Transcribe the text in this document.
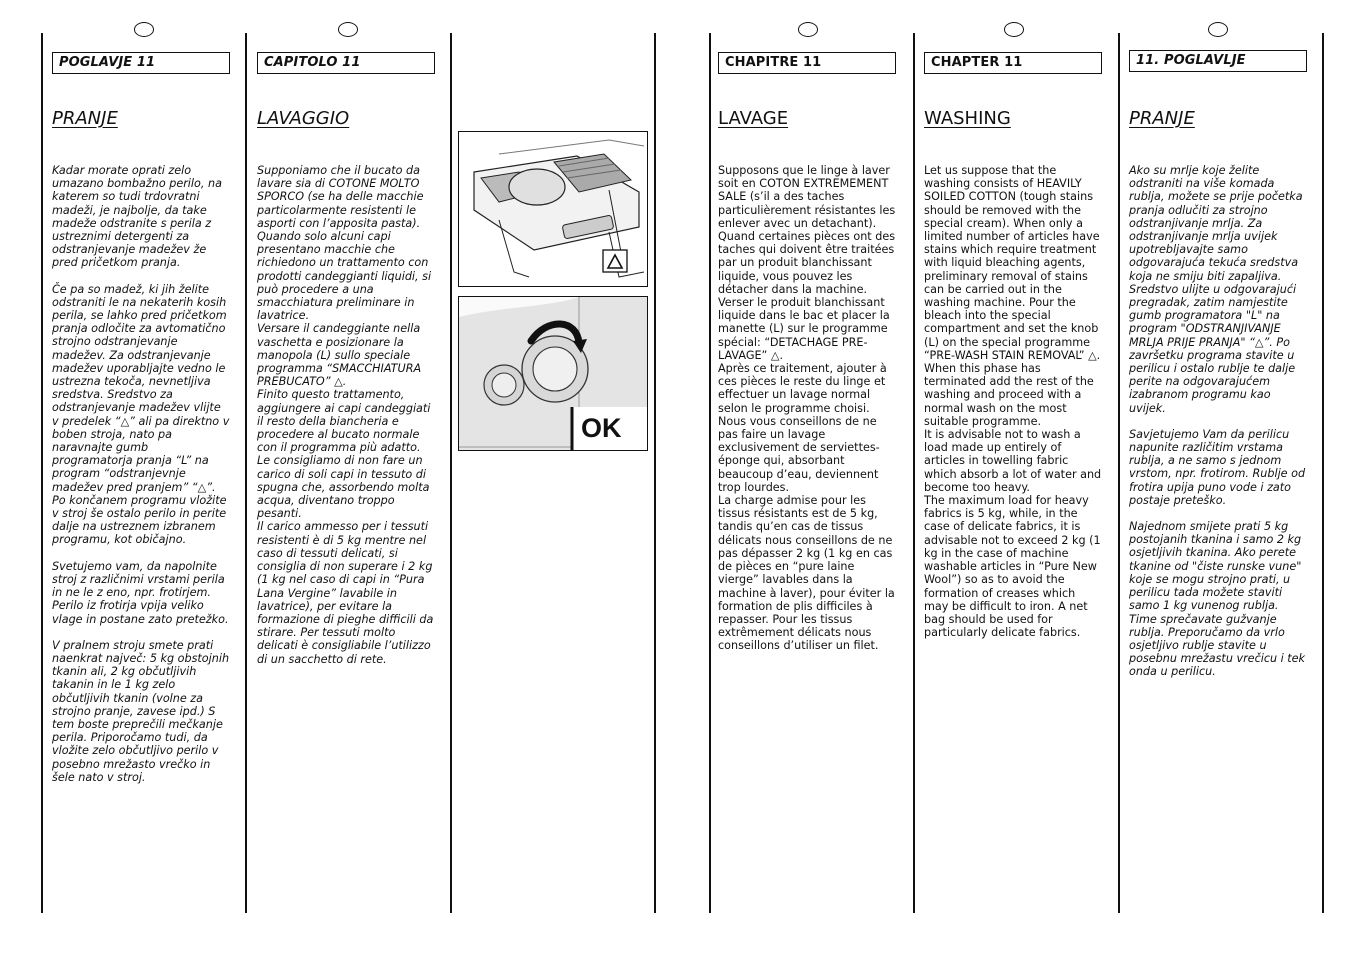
POGLAVJE 11
PRANJE

Kadar morate oprati zelo umazano bombažno perilo, na katerem so tudi trdovratni madeži, je najbolje, da take madeže odstranite s perila z ustreznimi detergenti za odstranjevanje madežev že pred pričetkom pranja.

Če pa so madež, ki jih želite odstraniti le na nekaterih kosih perila, se lahko pred pričetkom pranja odločite za avtomatično strojno odstranjevanje madežev. Za odstranjevanje madežev uporabljajte vedno le ustrezna tekoča, nevnetljiva sredstva. Sredstvo za odstranjevanje madežev vlijte v predelek “△” ali pa direktno v boben stroja, nato pa naravnajte gumb programatorja pranja “L” na program “odstranjevnje madežev pred pranjem” “△”. Po končanem programu vložite v stroj še ostalo perilo in perite dalje na ustreznem izbranem programu, kot običajno.

Svetujemo vam, da napolnite stroj z različnimi vrstami perila in ne le z eno, npr. frotirjem. Perilo iz frotirja vpija veliko vlage in postane zato pretežko.

V pralnem stroju smete prati naenkrat največ: 5 kg obstojnih tkanin ali, 2 kg občutljivih takanin in le 1 kg zelo občutljivih tkanin (volne za strojno pranje, zavese ipd.) S tem boste preprečili mečkanje perila. Priporočamo tudi, da vložite zelo občutljivo perilo v posebno mrežasto vrečko in šele nato v stroj.

CAPITOLO 11
LAVAGGIO

Supponiamo che il bucato da lavare sia di COTONE MOLTO SPORCO (se ha delle macchie particolarmente resistenti le asporti con l’apposita pasta).

Quando solo alcuni capi presentano macchie che richiedono un trattamento con prodotti candeggianti liquidi, si può procedere a una smacchiatura preliminare in lavatrice.

Versare il candeggiante nella vaschetta e posizionare la manopola (L) sullo speciale programma “SMACCHIATURA PREBUCATO” △.

Finito questo trattamento, aggiungere ai capi candeggiati il resto della biancheria e procedere al bucato normale con il programma più adatto.

Le consigliamo di non fare un carico di soli capi in tessuto di spugna che, assorbendo molta acqua, diventano troppo pesanti.

Il carico ammesso per i tessuti resistenti è di 5 kg mentre nel caso di tessuti delicati, si consiglia di non superare i 2 kg (1 kg nel caso di capi in “Pura Lana Vergine” lavabile in lavatrice), per evitare la formazione di pieghe difficili da stirare. Per tessuti molto delicati è consigliabile l’utilizzo di un sacchetto di rete.

OK
CHAPITRE 11
LAVAGE

Supposons que le linge à laver soit en COTON EXTREMEMENT SALE (s’il a des taches particulièrement résistantes les enlever avec un detachant).

Quand certaines pièces ont des taches qui doivent être traitées par un produit blanchissant liquide, vous pouvez les détacher dans la machine. Verser le produit blanchissant liquide dans le bac et placer la manette (L) sur le programme spécial: “DETACHAGE PRE-LAVAGE” △.

Après ce traitement, ajouter à ces pièces le reste du linge et effectuer un lavage normal selon le programme choisi.

Nous vous conseillons de ne pas faire un lavage exclusivement de serviettes-éponge qui, absorbant beaucoup d’eau, deviennent trop lourdes.

La charge admise pour les tissus résistants est de 5 kg, tandis qu’en cas de tissus délicats nous conseillons de ne pas dépasser 2 kg (1 kg en cas de pièces en “pure laine vierge” lavables dans la machine à laver), pour éviter la formation de plis difficiles à repasser. Pour les tissus extrêmement délicats nous conseillons d’utiliser un filet.

CHAPTER 11
WASHING

Let us suppose that the washing consists of HEAVILY SOILED COTTON (tough stains should be removed with the special cream). When only a limited number of articles have stains which require treatment with liquid bleaching agents, preliminary removal of stains can be carried out in the washing machine. Pour the bleach into the special compartment and set the knob (L) on the special programme “PRE-WASH STAIN REMOVAL” △.

When this phase has terminated add the rest of the washing and proceed with a normal wash on the most suitable programme.

It is advisable not to wash a load made up entirely of articles in towelling fabric which absorb a lot of water and become too heavy.

The maximum load for heavy fabrics is 5 kg, while, in the case of delicate fabrics, it is advisable not to exceed 2 kg (1 kg in the case of machine washable articles in “Pure New Wool”) so as to avoid the formation of creases which may be difficult to iron. A net bag should be used for particularly delicate fabrics.

11. POGLAVLJE
PRANJE

Ako su mrlje koje želite odstraniti na više komada rublja, možete se prije početka pranja odlučiti za strojno odstranjivanje mrlja. Za odstranjivanje mrlja uvijek upotrebljavajte samo odgovarajuća tekuća sredstva koja ne smiju biti zapaljiva. Sredstvo ulijte u odgovarajući pregradak, zatim namjestite gumb programatora "L" na program "ODSTRANJIVANJE MRLJA PRIJE PRANJA" “△”. Po završetku programa stavite u perilicu i ostalo rublje te dalje perite na odgovarajućem izabranom programu kao uvijek.

Savjetujemo Vam da perilicu napunite različitim vrstama rublja, a ne samo s jednom vrstom, npr. frotirom. Rublje od frotira upija puno vode i zato postaje preteško.

Najednom smijete prati 5 kg postojanih tkanina i samo 2 kg osjetljivih tkanina. Ako perete tkanine od "čiste runske vune" koje se mogu strojno prati, u perilicu tada možete staviti samo 1 kg vunenog rublja. Time sprečavate gužvanje rublja. Preporučamo da vrlo osjetljivo rublje stavite u posebnu mrežastu vrečicu i tek onda u perilicu.
